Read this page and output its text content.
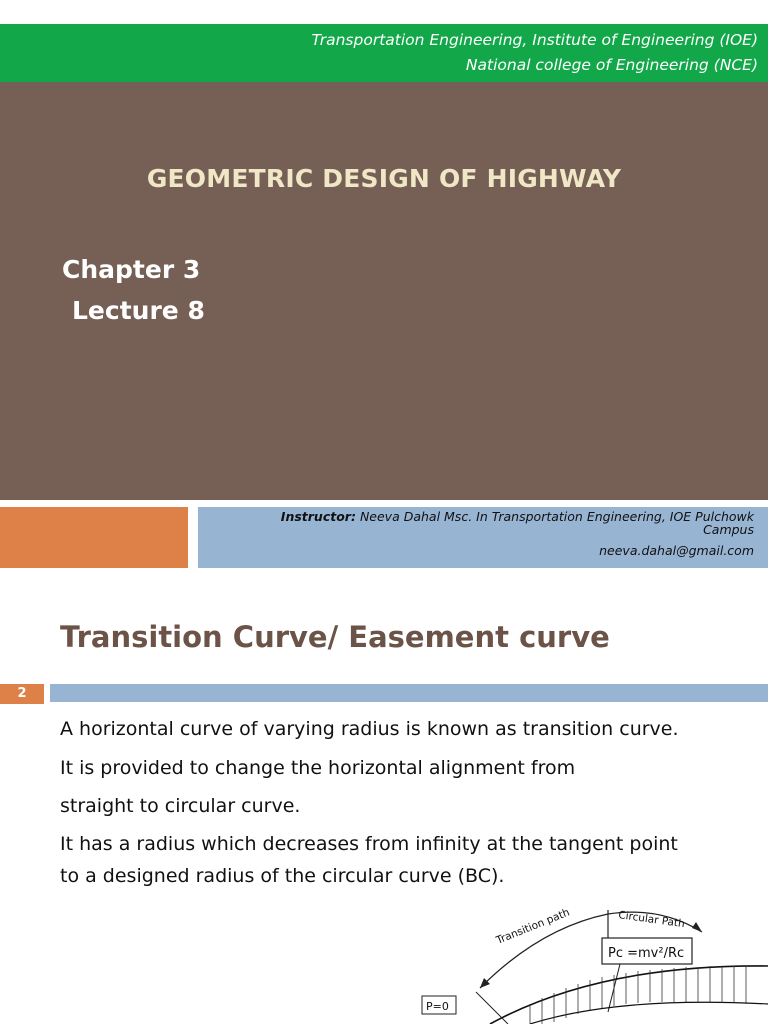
Transportation Engineering, Institute of Engineering (IOE)
National college of Engineering (NCE)
GEOMETRIC DESIGN OF HIGHWAY
Chapter 3
Lecture 8
Instructor: Neeva Dahal Msc. In Transportation Engineering, IOE Pulchowk Campus
neeva.dahal@gmail.com
Transition Curve/ Easement curve
2
A horizontal curve of varying radius is known as transition curve.
It is provided to change the horizontal alignment from
straight to circular curve.
It has a radius which decreases from infinity at the tangent point
to a designed radius of the circular curve (BC).
Transition path	Circular Path
Pc =mv²/Rc
P=0
